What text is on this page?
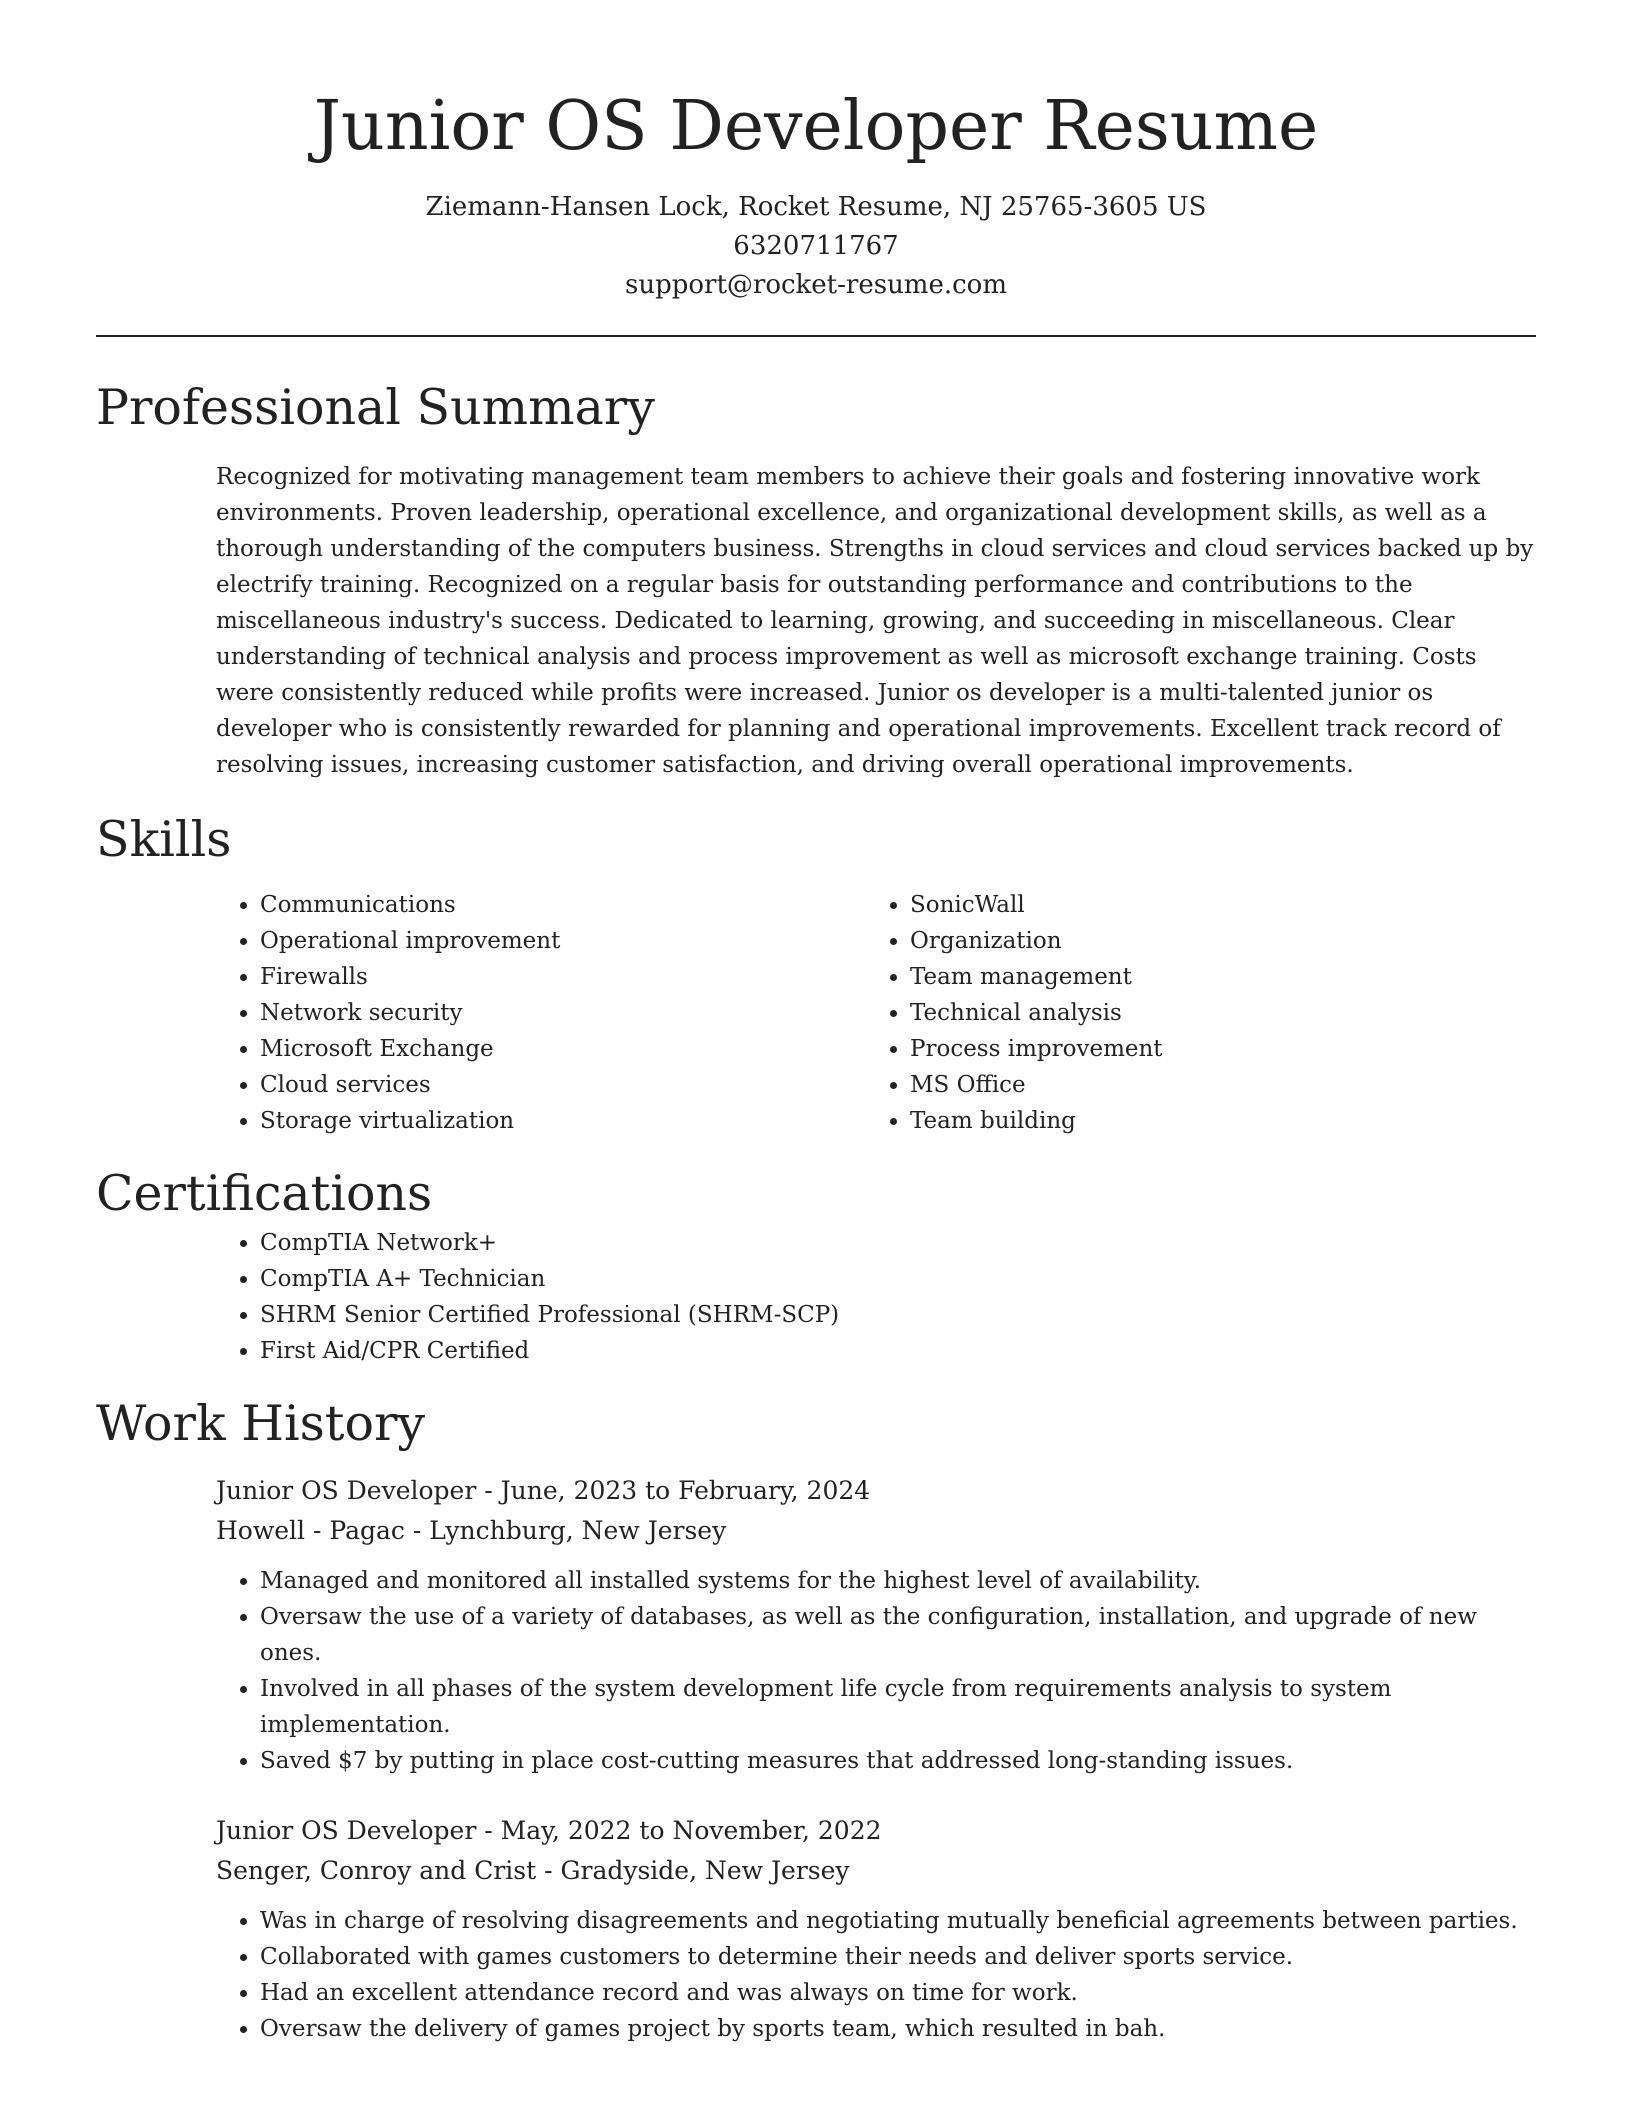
Junior OS Developer Resume
Ziemann-Hansen Lock, Rocket Resume, NJ 25765-3605 US
6320711767
support@rocket-resume.com
Professional Summary

Recognized for motivating management team members to achieve their goals and fostering innovative work environments. Proven leadership, operational excellence, and organizational development skills, as well as a thorough understanding of the computers business. Strengths in cloud services and cloud services backed up by electrify training. Recognized on a regular basis for outstanding performance and contributions to the miscellaneous industry's success. Dedicated to learning, growing, and succeeding in miscellaneous. Clear understanding of technical analysis and process improvement as well as microsoft exchange training. Costs were consistently reduced while profits were increased. Junior os developer is a multi-talented junior os developer who is consistently rewarded for planning and operational improvements. Excellent track record of resolving issues, increasing customer satisfaction, and driving overall operational improvements.

Skills
• Communications
• Operational improvement
• Firewalls
• Network security
• Microsoft Exchange
• Cloud services
• Storage virtualization
• SonicWall
• Organization
• Team management
• Technical analysis
• Process improvement
• MS Office
• Team building
Certifications
• CompTIA Network+
• CompTIA A+ Technician
• SHRM Senior Certified Professional (SHRM-SCP)
• First Aid/CPR Certified
Work History
Junior OS Developer - June, 2023 to February, 2024
Howell - Pagac - Lynchburg, New Jersey
• Managed and monitored all installed systems for the highest level of availability.
• Oversaw the use of a variety of databases, as well as the configuration, installation, and upgrade of new ones.
• Involved in all phases of the system development life cycle from requirements analysis to system implementation.
• Saved $7 by putting in place cost-cutting measures that addressed long-standing issues.
Junior OS Developer - May, 2022 to November, 2022
Senger, Conroy and Crist - Gradyside, New Jersey
• Was in charge of resolving disagreements and negotiating mutually beneficial agreements between parties.
• Collaborated with games customers to determine their needs and deliver sports service.
• Had an excellent attendance record and was always on time for work.
• Oversaw the delivery of games project by sports team, which resulted in bah.
